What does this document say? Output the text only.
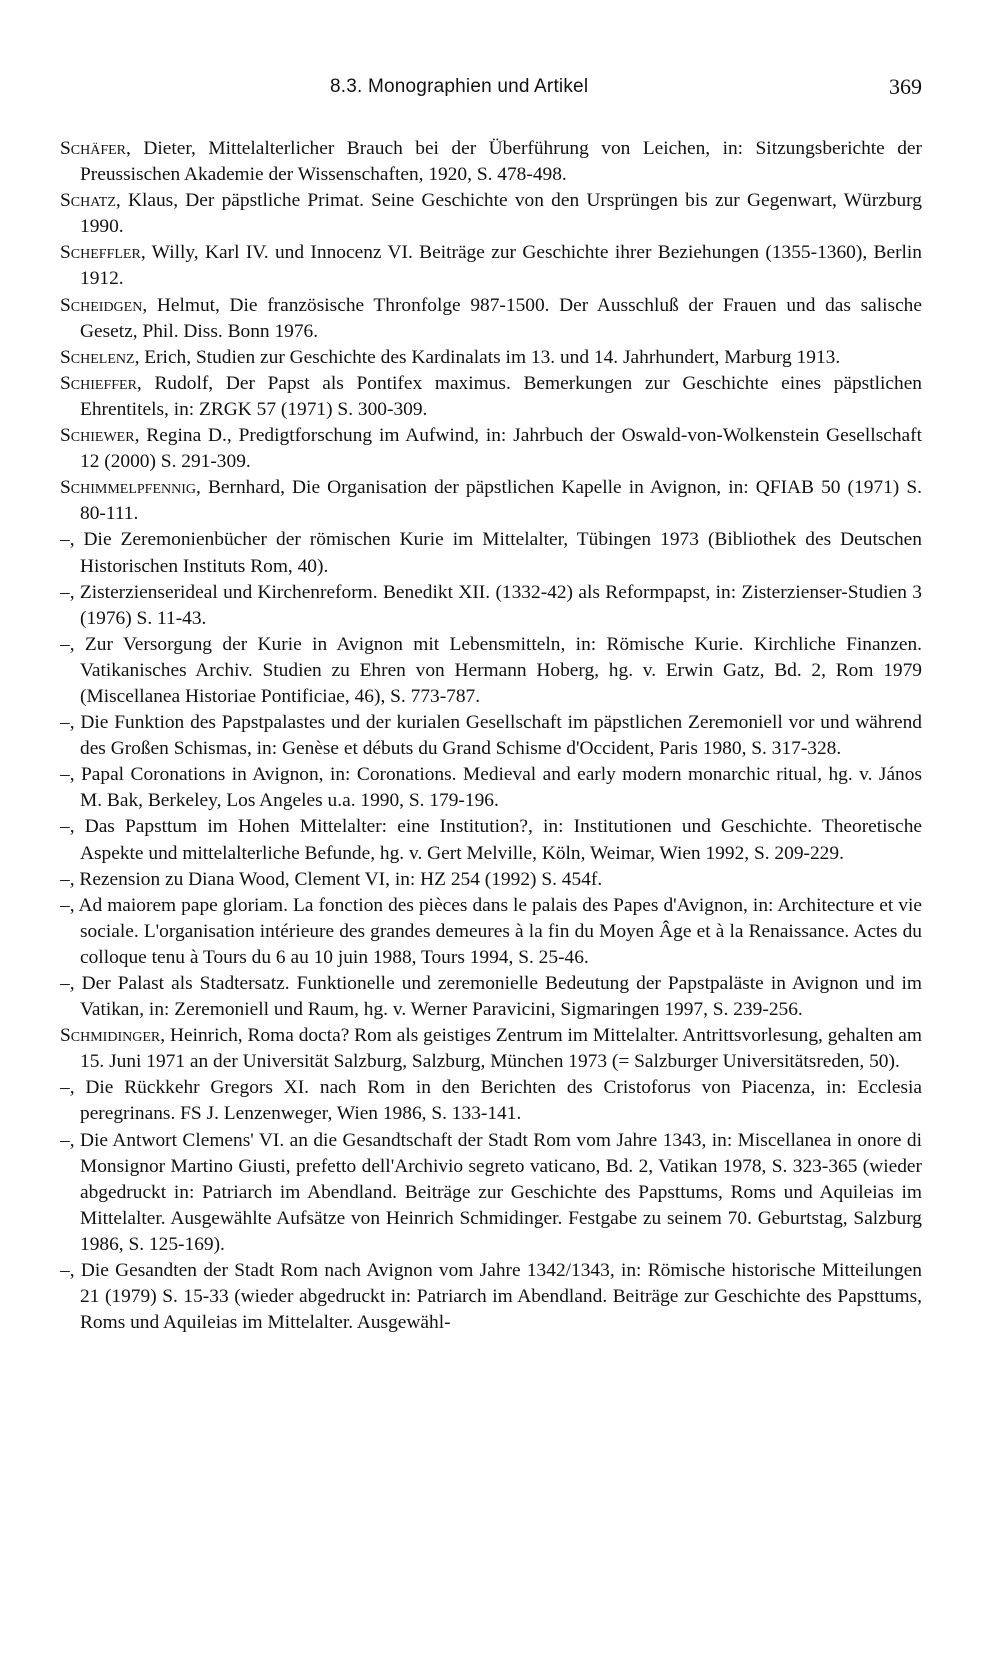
8.3. Monographien und Artikel	369
Schäfer, Dieter, Mittelalterlicher Brauch bei der Überführung von Leichen, in: Sitzungsberichte der Preussischen Akademie der Wissenschaften, 1920, S. 478-498.
Schatz, Klaus, Der päpstliche Primat. Seine Geschichte von den Ursprüngen bis zur Gegenwart, Würzburg 1990.
Scheffler, Willy, Karl IV. und Innocenz VI. Beiträge zur Geschichte ihrer Beziehungen (1355-1360), Berlin 1912.
Scheidgen, Helmut, Die französische Thronfolge 987-1500. Der Ausschluß der Frauen und das salische Gesetz, Phil. Diss. Bonn 1976.
Schelenz, Erich, Studien zur Geschichte des Kardinalats im 13. und 14. Jahrhundert, Marburg 1913.
Schieffer, Rudolf, Der Papst als Pontifex maximus. Bemerkungen zur Geschichte eines päpstlichen Ehrentitels, in: ZRGK 57 (1971) S. 300-309.
Schiewer, Regina D., Predigtforschung im Aufwind, in: Jahrbuch der Oswald-von-Wolkenstein Gesellschaft 12 (2000) S. 291-309.
Schimmelpfennig, Bernhard, Die Organisation der päpstlichen Kapelle in Avignon, in: QFIAB 50 (1971) S. 80-111.
–, Die Zeremonienbücher der römischen Kurie im Mittelalter, Tübingen 1973 (Bibliothek des Deutschen Historischen Instituts Rom, 40).
–, Zisterzienserideal und Kirchenreform. Benedikt XII. (1332-42) als Reformpapst, in: Zisterzienser-Studien 3 (1976) S. 11-43.
–, Zur Versorgung der Kurie in Avignon mit Lebensmitteln, in: Römische Kurie. Kirchliche Finanzen. Vatikanisches Archiv. Studien zu Ehren von Hermann Hoberg, hg. v. Erwin Gatz, Bd. 2, Rom 1979 (Miscellanea Historiae Pontificiae, 46), S. 773-787.
–, Die Funktion des Papstpalastes und der kurialen Gesellschaft im päpstlichen Zeremoniell vor und während des Großen Schismas, in: Genèse et débuts du Grand Schisme d'Occident, Paris 1980, S. 317-328.
–, Papal Coronations in Avignon, in: Coronations. Medieval and early modern monarchic ritual, hg. v. János M. Bak, Berkeley, Los Angeles u.a. 1990, S. 179-196.
–, Das Papsttum im Hohen Mittelalter: eine Institution?, in: Institutionen und Geschichte. Theoretische Aspekte und mittelalterliche Befunde, hg. v. Gert Melville, Köln, Weimar, Wien 1992, S. 209-229.
–, Rezension zu Diana Wood, Clement VI, in: HZ 254 (1992) S. 454f.
–, Ad maiorem pape gloriam. La fonction des pièces dans le palais des Papes d'Avignon, in: Architecture et vie sociale. L'organisation intérieure des grandes demeures à la fin du Moyen Âge et à la Renaissance. Actes du colloque tenu à Tours du 6 au 10 juin 1988, Tours 1994, S. 25-46.
–, Der Palast als Stadtersatz. Funktionelle und zeremonielle Bedeutung der Papstpaläste in Avignon und im Vatikan, in: Zeremoniell und Raum, hg. v. Werner Paravicini, Sigmaringen 1997, S. 239-256.
Schmidinger, Heinrich, Roma docta? Rom als geistiges Zentrum im Mittelalter. Antrittsvorlesung, gehalten am 15. Juni 1971 an der Universität Salzburg, Salzburg, München 1973 (= Salzburger Universitätsreden, 50).
–, Die Rückkehr Gregors XI. nach Rom in den Berichten des Cristoforus von Piacenza, in: Ecclesia peregrinans. FS J. Lenzenweger, Wien 1986, S. 133-141.
–, Die Antwort Clemens' VI. an die Gesandtschaft der Stadt Rom vom Jahre 1343, in: Miscellanea in onore di Monsignor Martino Giusti, prefetto dell'Archivio segreto vaticano, Bd. 2, Vatikan 1978, S. 323-365 (wieder abgedruckt in: Patriarch im Abendland. Beiträge zur Geschichte des Papsttums, Roms und Aquileias im Mittelalter. Ausgewählte Aufsätze von Heinrich Schmidinger. Festgabe zu seinem 70. Geburtstag, Salzburg 1986, S. 125-169).
–, Die Gesandten der Stadt Rom nach Avignon vom Jahre 1342/1343, in: Römische historische Mitteilungen 21 (1979) S. 15-33 (wieder abgedruckt in: Patriarch im Abendland. Beiträge zur Geschichte des Papsttums, Roms und Aquileias im Mittelalter. Ausgewähl-
